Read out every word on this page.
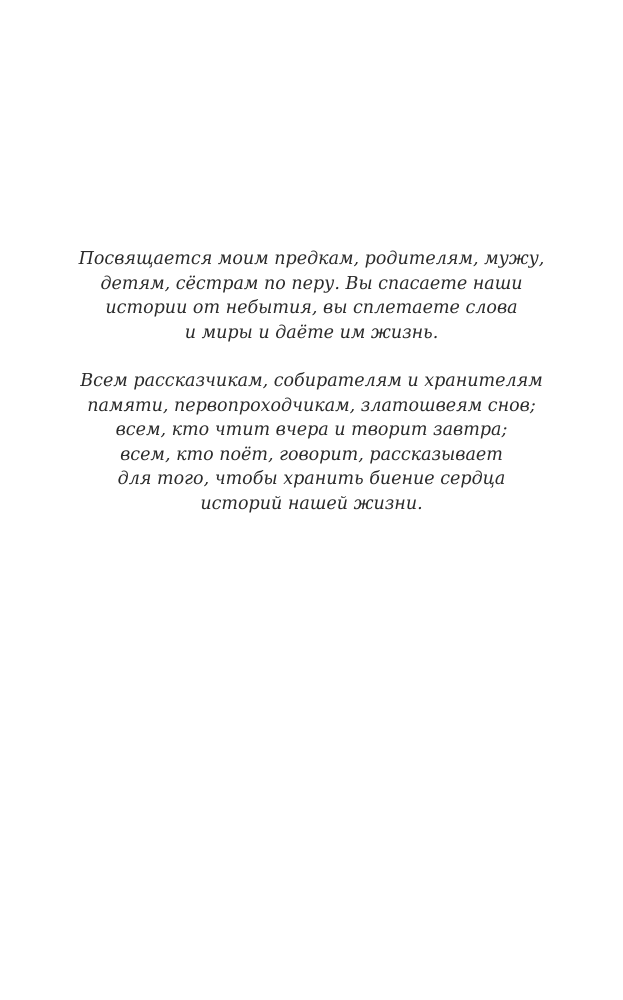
Посвящается моим предкам, родителям, мужу,
детям, сёстрам по перу. Вы спасаете наши
истории от небытия, вы сплетаете слова
и миры и даёте им жизнь.

Всем рассказчикам, собирателям и хранителям
памяти, первопроходчикам, златошвеям снов;
всем, кто чтит вчера и творит завтра;
всем, кто поёт, говорит, рассказывает
для того, чтобы хранить биение сердца
историй нашей жизни.
